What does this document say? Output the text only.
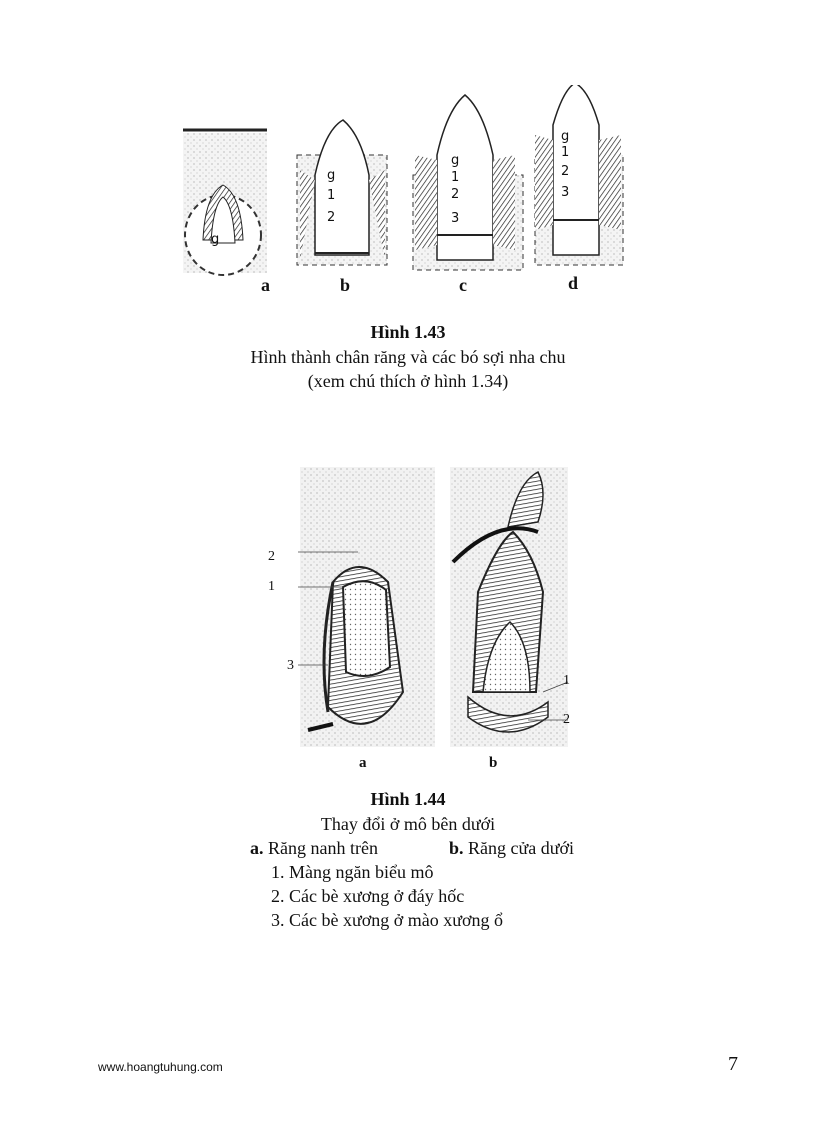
g
g
1
2
g
1
2
3
g
1
2
3
a	b	c	d
Hình 1.43
Hình thành chân răng và các bó sợi nha chu
(xem chú thích ở hình 1.34)
2
1
3
1
2
a	b
Hình 1.44
Thay đổi ở mô bên dưới
a. Răng nanh trên	b. Răng cửa dưới
1. Màng ngăn biểu mô
2. Các bè xương ở đáy hốc
3. Các bè xương ở mào xương ổ
www.hoangtuhung.com	7
